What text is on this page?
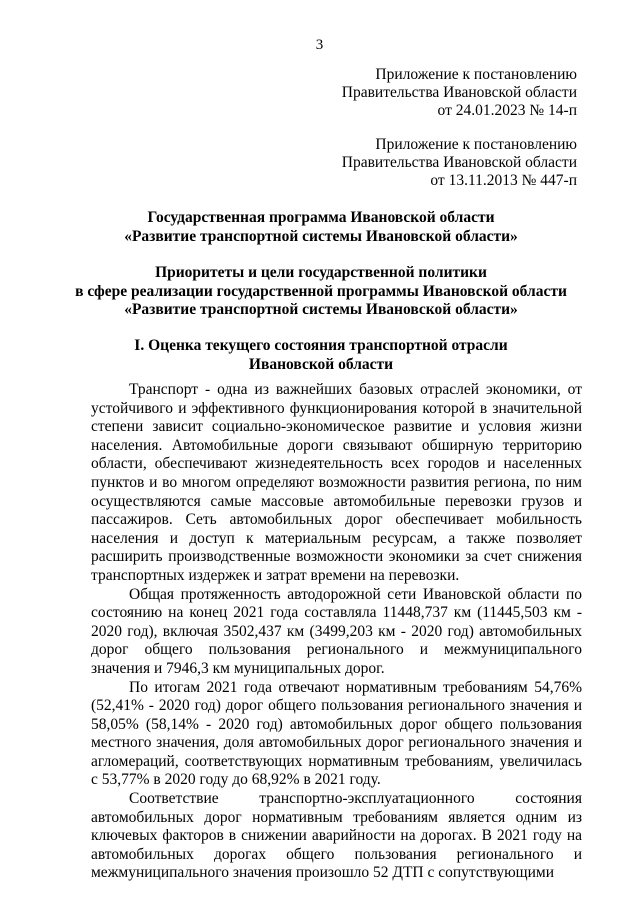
3
Приложение к постановлению
Правительства Ивановской области
от 24.01.2023 № 14-п
Приложение к постановлению
Правительства Ивановской области
от 13.11.2013 № 447-п
Государственная программа Ивановской области
«Развитие транспортной системы Ивановской области»
Приоритеты и цели государственной политики
в сфере реализации государственной программы Ивановской области
«Развитие транспортной системы Ивановской области»
I. Оценка текущего состояния транспортной отрасли
Ивановской области

Транспорт - одна из важнейших базовых отраслей экономики, от устойчивого и эффективного функционирования которой в значительной степени зависит социально-экономическое развитие и условия жизни населения. Автомобильные дороги связывают обширную территорию области, обеспечивают жизнедеятельность всех городов и населенных пунктов и во многом определяют возможности развития региона, по ним осуществляются самые массовые автомобильные перевозки грузов и пассажиров. Сеть автомобильных дорог обеспечивает мобильность населения и доступ к материальным ресурсам, а также позволяет расширить производственные возможности экономики за счет снижения транспортных издержек и затрат времени на перевозки.

Общая протяженность автодорожной сети Ивановской области по состоянию на конец 2021 года составляла 11448,737 км (11445,503 км - 2020 год), включая 3502,437 км (3499,203 км - 2020 год) автомобильных дорог общего пользования регионального и межмуниципального значения и 7946,3 км муниципальных дорог.

По итогам 2021 года отвечают нормативным требованиям 54,76% (52,41% - 2020 год) дорог общего пользования регионального значения и 58,05% (58,14% - 2020 год) автомобильных дорог общего пользования местного значения, доля автомобильных дорог регионального значения и агломераций, соответствующих нормативным требованиям, увеличилась с 53,77% в 2020 году до 68,92% в 2021 году.

Соответствие транспортно-эксплуатационного состояния автомобильных дорог нормативным требованиям является одним из ключевых факторов в снижении аварийности на дорогах. В 2021 году на автомобильных дорогах общего пользования регионального и межмуниципального значения произошло 52 ДТП с сопутствующими
